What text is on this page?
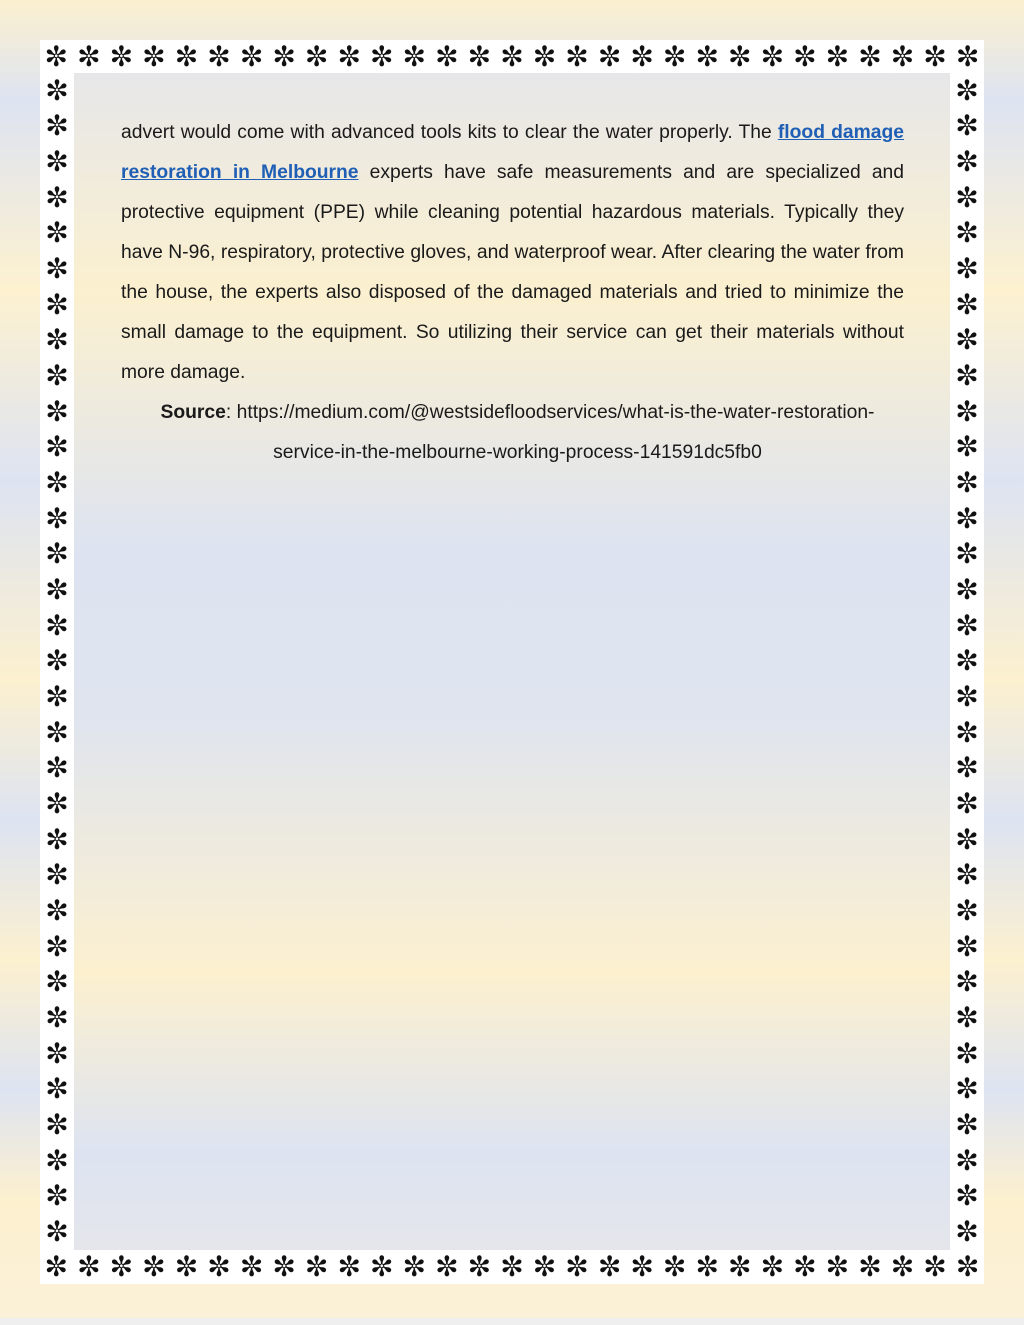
✼ ✼ ✼ ✼ ✼ ✼ ✼ ✼ ✼ ✼ ✼ ✼ ✼ ✼ ✼ ✼ ✼ ✼ ✼ ✼ ✼ ✼ ✼ ✼ ✼ ✼ ✼ ✼ ✼
✼
✼
✼
✼
✼
✼
✼
✼
✼
✼
✼
✼
✼
✼
✼
✼
✼
✼
✼
✼
✼
✼
✼
✼
✼
✼
✼
✼
✼
✼
✼
✼
✼
✼
✼
✼
✼
✼
✼
✼
✼
✼
✼
✼
✼
✼
✼
✼
✼
✼
✼
✼
✼
✼
✼
✼
✼
✼
✼
✼
✼
✼
✼
✼
✼
✼
✼ ✼ ✼ ✼ ✼ ✼ ✼ ✼ ✼ ✼ ✼ ✼ ✼ ✼ ✼ ✼ ✼ ✼ ✼ ✼ ✼ ✼ ✼ ✼ ✼ ✼ ✼ ✼ ✼

advert would come with advanced tools kits to clear the water properly. The flood damage restoration in Melbourne experts have safe measurements and are specialized and protective equipment (PPE) while cleaning potential hazardous materials. Typically they have N-96, respiratory, protective gloves, and waterproof wear. After clearing the water from the house, the experts also disposed of the damaged materials and tried to minimize the small damage to the equipment. So utilizing their service can get their materials without more damage.

Source: https://medium.com/@westsidefloodservices/what-is-the-water-restoration-service-in-the-melbourne-working-process-141591dc5fb0
